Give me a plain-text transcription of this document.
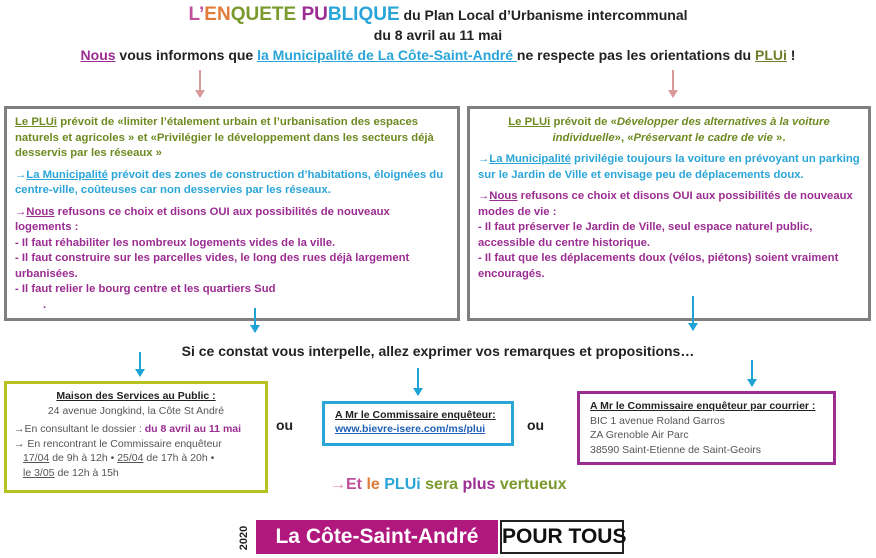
L’ENQUETE PUBLIQUE du Plan Local d’Urbanisme intercommunal
du 8 avril au 11 mai
Nous vous informons que la Municipalité de La Côte-Saint-André ne respecte pas les orientations du PLUi !

Le PLUi prévoit de «limiter l’étalement urbain et l’urbanisation des espaces naturels et agricoles » et «Privilégier le développement dans les secteurs déjà desservis par les réseaux »

→La Municipalité prévoit des zones de construction d’habitations, éloignées du centre-ville, coûteuses car non desservies par les réseaux.

→Nous refusons ce choix et disons OUI aux possibilités de nouveaux logements :
- Il faut réhabiliter les nombreux logements vides de la ville.
- Il faut construire sur les parcelles vides, le long des rues déjà largement urbanisées.
- Il faut relier le bourg centre et les quartiers Sud
.

Le PLUi prévoit de «Développer des alternatives à la voiture individuelle», «Préservant le cadre de vie ».

→La Municipalité privilégie toujours la voiture en prévoyant un parking sur le Jardin de Ville et envisage peu de déplacements doux.

→Nous refusons ce choix et disons OUI aux possibilités de nouveaux modes de vie :
- Il faut préserver le Jardin de Ville, seul espace naturel public, accessible du centre historique.
- Il faut que les déplacements doux (vélos, piétons) soient vraiment encouragés.
Si ce constat vous interpelle, allez exprimer vos remarques et propositions…
Maison des Services au Public :
24 avenue Jongkind, la Côte St André
→En consultant le dossier : du 8 avril au 11 mai
→ En rencontrant le Commissaire enquêteur
17/04 de 9h à 12h • 25/04 de 17h à 20h •
le 3/05 de 12h à 15h
ou
A Mr le Commissaire enquêteur:
www.bievre-isere.com/ms/plui	ou
A Mr le Commissaire enquêteur par courrier :
BIC 1 avenue Roland Garros
ZA Grenoble Air Parc
38590 Saint-Etienne de Saint-Geoirs
→Et le PLUi sera plus vertueux
2020	La Côte-Saint-André	POUR TOUS
